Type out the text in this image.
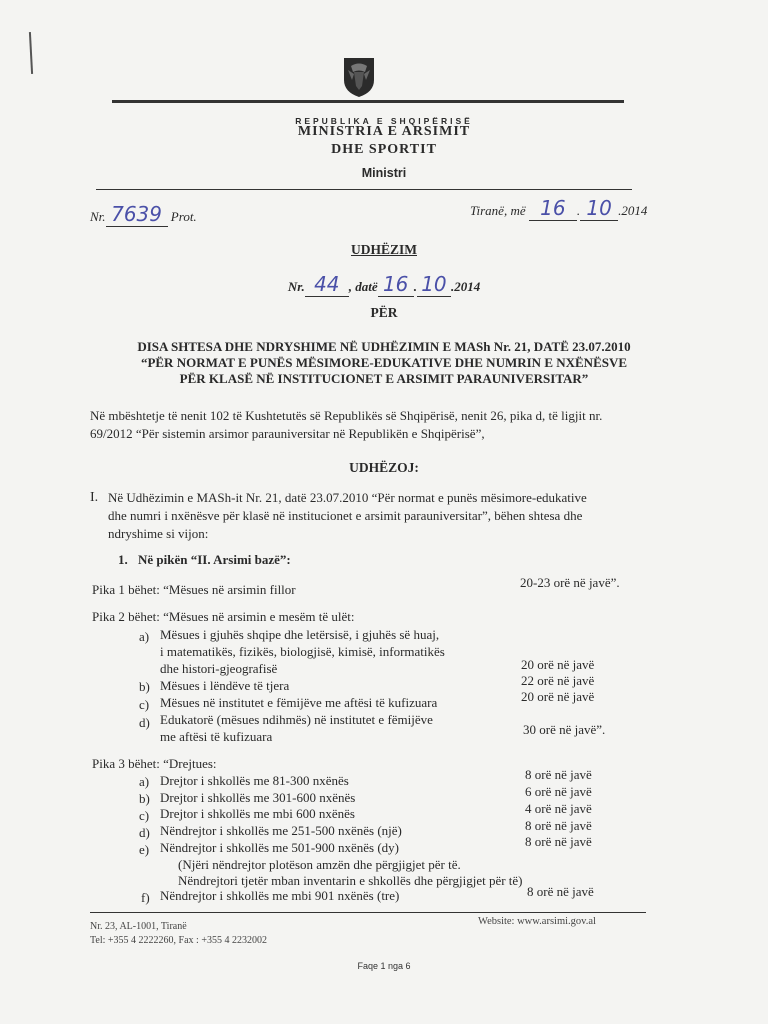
REPUBLIKA E SHQIPËRISË
MINISTRIA E ARSIMIT
DHE SPORTIT
Ministri
Nr. 7639 Prot.	Tiranë, më 16 . 10 .2014
UDHËZIM
Nr. 44 , datë 16 . 10 .2014
PËR
DISA SHTESA DHE NDRYSHIME NË UDHËZIMIN E MASh Nr. 21, DATË 23.07.2010
“PËR NORMAT E PUNËS MËSIMORE-EDUKATIVE DHE NUMRIN E NXËNËSVE
PËR KLASË NË INSTITUCIONET E ARSIMIT PARAUNIVERSITAR”
Në mbështetje të nenit 102 të Kushtetutës së Republikës së Shqipërisë, nenit 26, pika d, të ligjit nr.
69/2012 “Për sistemin arsimor parauniversitar në Republikën e Shqipërisë”,
UDHËZOJ:
I. Në Udhëzimin e MASh-it Nr. 21, datë 23.07.2010 “Për normat e punës mësimore-edukative
dhe numri i nxënësve për klasë në institucionet e arsimit parauniversitar”, bëhen shtesa dhe
ndryshime si vijon:
1. Në pikën “II. Arsimi bazë”:
Pika 1 bëhet: “Mësues në arsimin fillor	20-23 orë në javë”.
Pika 2 bëhet: “Mësues në arsimin e mesëm të ulët:
a) Mësues i gjuhës shqipe dhe letërsisë, i gjuhës së huaj,
i matematikës, fizikës, biologjisë, kimisë, informatikës
dhe histori-gjeografisë	20 orë në javë
b) Mësues i lëndëve të tjera	22 orë në javë
c) Mësues në institutet e fëmijëve me aftësi të kufizuara	20 orë në javë
d) Edukatorë (mësues ndihmës) në institutet e fëmijëve
me aftësi të kufizuara	30 orë në javë”.
Pika 3 bëhet: “Drejtues:
a) Drejtor i shkollës me 81-300 nxënës	8 orë në javë
b) Drejtor i shkollës me 301-600 nxënës	6 orë në javë
c) Drejtor i shkollës me mbi 600 nxënës	4 orë në javë
d) Nëndrejtor i shkollës me 251-500 nxënës (një)	8 orë në javë
e) Nëndrejtor i shkollës me 501-900 nxënës (dy)	8 orë në javë
(Njëri nëndrejtor plotëson amzën dhe përgjigjet për të.
Nëndrejtori tjetër mban inventarin e shkollës dhe përgjigjet për të)
f) Nëndrejtor i shkollës me mbi 901 nxënës (tre)	8 orë në javë
Nr. 23, AL-1001, Tiranë
Tel: +355 4 2222260, Fax : +355 4 2232002
Website: www.arsimi.gov.al
Faqe 1 nga 6
